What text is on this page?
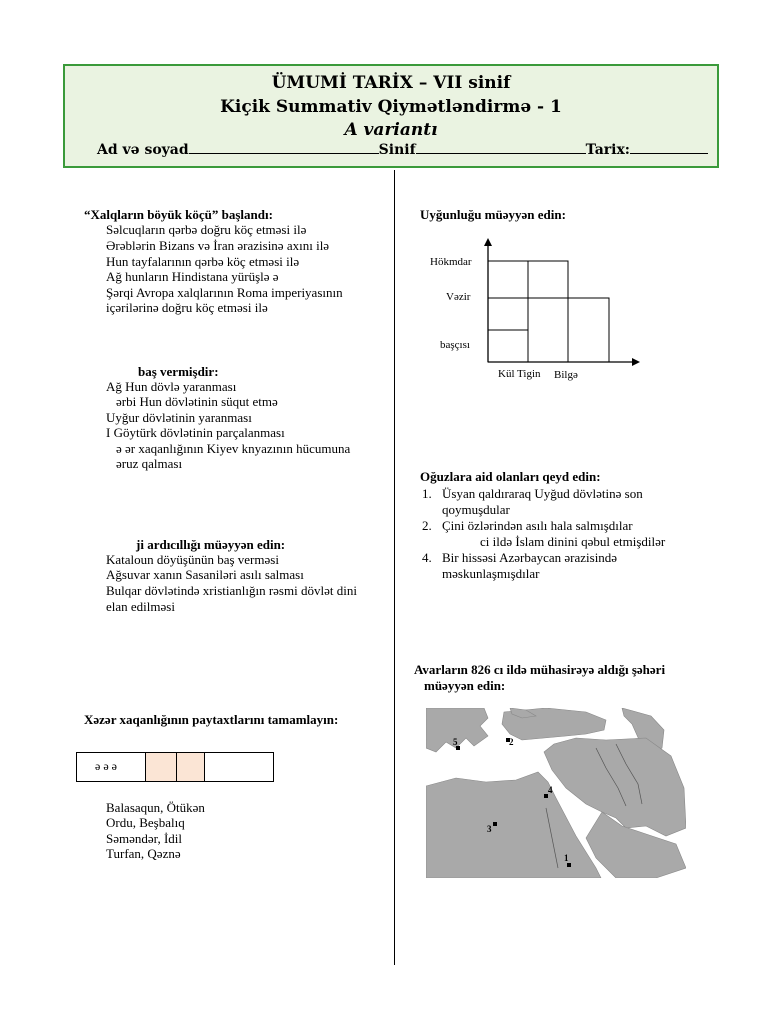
ÜMUMİ TARİX – VII sinif
Kiçik Summativ Qiymətləndirmə - 1
A variantı
Ad və soyad	Sinif	Tarix:
“Xalqların böyük köçü” başlandı:
Səlcuqların qərbə doğru köç etməsi ilə
Ərəblərin Bizans və İran ərazisinə axını ilə
Hun tayfalarının qərbə köç etməsi ilə
Ağ hunların Hindistana yürüşlə ə
Şərqi Avropa xalqlarının Roma imperiyasının
içərilərinə doğru köç etməsi ilə
baş vermişdir:
Ağ Hun dövlə yaranması
ərbi Hun dövlətinin süqut etmə
Uyğur dövlətinin yaranması
I Göytürk dövlətinin parçalanması
ə ər xaqanlığının Kiyev knyazının hücumuna
əruz qalması
ji ardıcıllığı müəyyən edin:
Kataloun döyüşünün baş verməsi
Ağsuvar xanın Sasaniləri asılı salması
Bulqar dövlətində xristianlığın rəsmi dövlət dini
elan edilməsi
Xəzər xaqanlığının paytaxtlarını tamamlayın:
ə ə ə
Balasaqun, Ötükən
Ordu, Beşbalıq
Səməndər, İdil
Turfan, Qəznə
Uyğunluğu müəyyən edin:
Hökmdar
Vəzir
başçısı
Kül Tigin Bilgə
Oğuzlara aid olanları qeyd edin:
1. Üsyan qaldıraraq Uyğud dövlətinə son
qoymuşdular
2. Çini özlərindən asılı hala salmışdılar
ci ildə İslam dinini qəbul etmişdilər
4. Bir hissəsi Azərbaycan ərazisində
məskunlaşmışdılar
Avarların 826 cı ildə mühasirəyə aldığı şəhəri
müəyyən edin:
1
2
3
4
5
